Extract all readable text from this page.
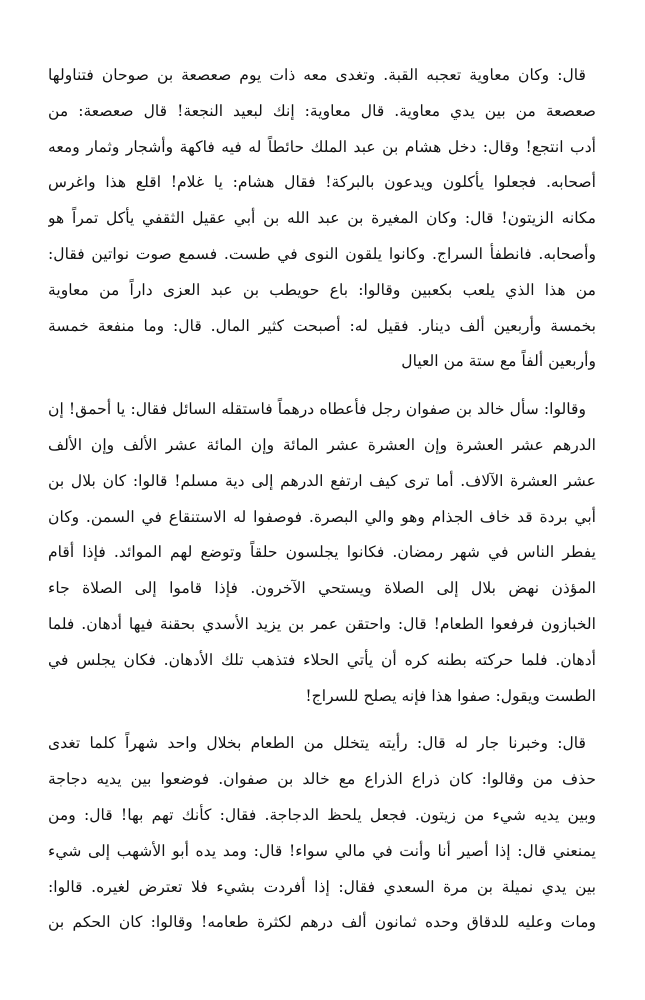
قال: وكان معاوية تعجبه القبة. وتغدى معه ذات يوم صعصعة بن صوحان فتناولها
صعصعة من بين يدي معاوية. قال معاوية: إنك لبعيد النجعة! قال صعصعة: من
أدب انتجع! وقال: دخل هشام بن عبد الملك حائطاً له فيه فاكهة وأشجار وثمار ومعه
أصحابه. فجعلوا يأكلون ويدعون بالبركة! فقال هشام: يا غلام! اقلع هذا واغرس
مكانه الزيتون! قال: وكان المغيرة بن عبد الله بن أبي عقيل الثقفي يأكل تمراً هو
وأصحابه. فانطفأ السراج. وكانوا يلقون النوى في طست. فسمع صوت نواتين فقال:
من هذا الذي يلعب بكعبين وقالوا: باع حويطب بن عبد العزى داراً من معاوية
بخمسة وأربعين ألف دينار. فقيل له: أصبحت كثير المال. قال: وما منفعة خمسة
وأربعين ألفاً مع ستة من العيال
وقالوا: سأل خالد بن صفوان رجل فأعطاه درهماً فاستقله السائل فقال: يا أحمق! إن
الدرهم عشر العشرة وإن العشرة عشر المائة وإن المائة عشر الألف وإن الألف
عشر العشرة الآلاف. أما ترى كيف ارتفع الدرهم إلى دية مسلم! قالوا: كان بلال بن
أبي بردة قد خاف الجذام وهو والي البصرة. فوصفوا له الاستنقاع في السمن. وكان
يفطر الناس في شهر رمضان. فكانوا يجلسون حلقاً وتوضع لهم الموائد. فإذا أقام
المؤذن نهض بلال إلى الصلاة ويستحي الآخرون. فإذا قاموا إلى الصلاة جاء
الخبازون فرفعوا الطعام! قال: واحتقن عمر بن يزيد الأسدي بحقنة فيها أدهان. فلما
أدهان. فلما حركته بطنه كره أن يأتي الحلاء فتذهب تلك الأدهان. فكان يجلس في
الطست ويقول: صفوا هذا فإنه يصلح للسراج!
قال: وخبرنا جار له قال: رأيته يتخلل من الطعام بخلال واحد شهراً كلما تغدى
حذف من وقالوا: كان ذراع الذراع مع خالد بن صفوان. فوضعوا بين يديه دجاجة
وبين يديه شيء من زيتون. فجعل يلحظ الدجاجة. فقال: كأنك تهم بها! قال: ومن
يمنعني قال: إذا أصير أنا وأنت في مالي سواء! قال: ومد يده أبو الأشهب إلى شيء
بين يدي نميلة بن مرة السعدي فقال: إذا أفردت بشيء فلا تعترض لغيره. قالوا:
ومات وعليه للدقاق وحده ثمانون ألف درهم لكثرة طعامه! وقالوا: كان الحكم بن
